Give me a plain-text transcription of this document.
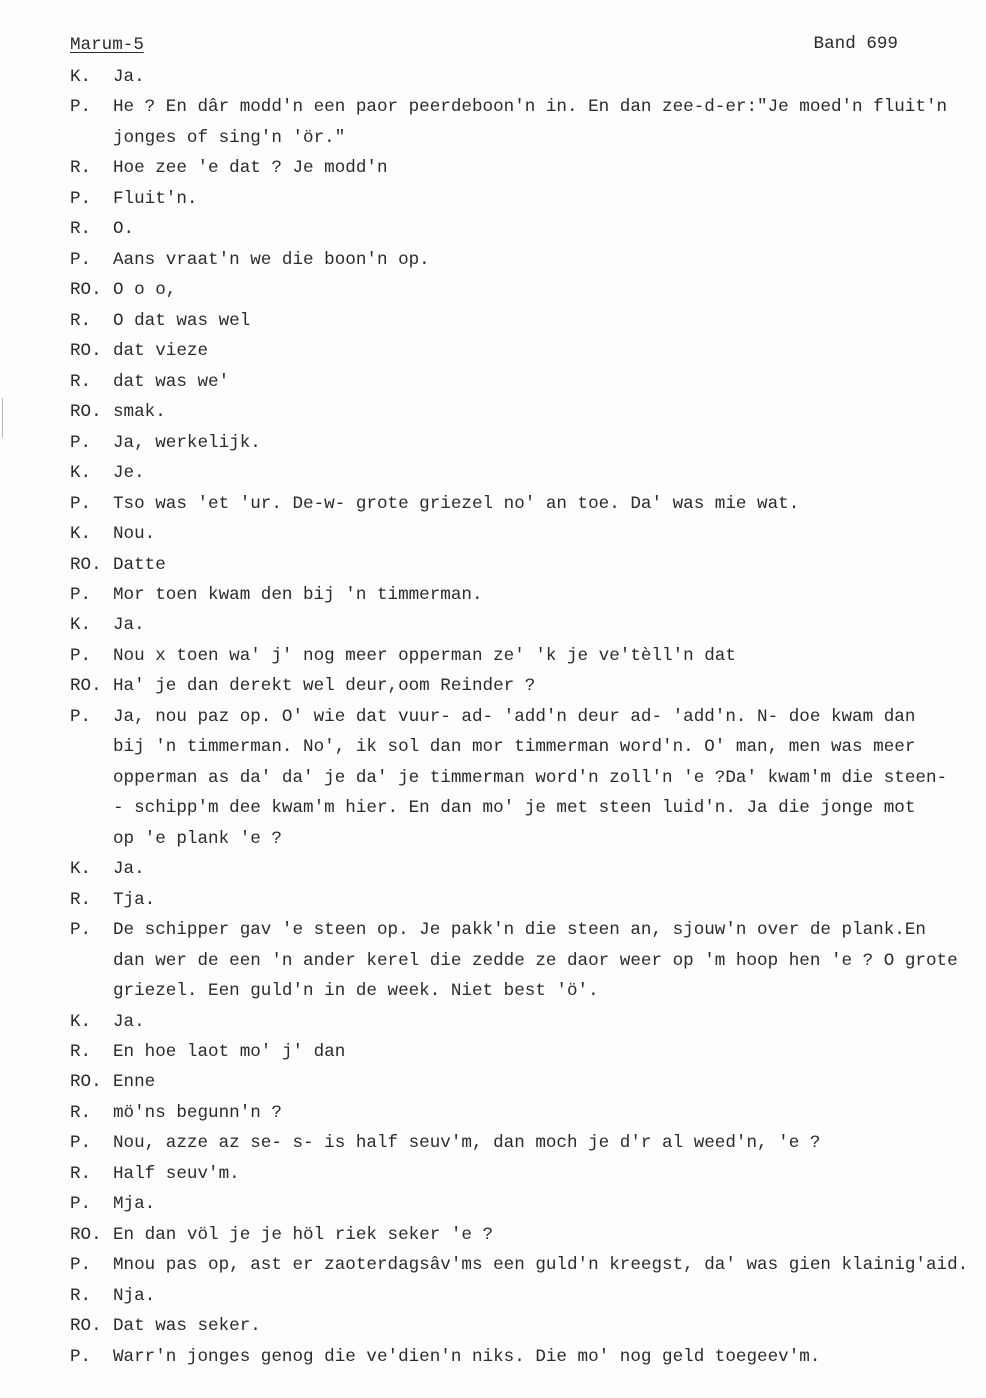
Marum-5	Band 699
K.	Ja.
P.	He ? En dâr modd'n een paor peerdeboon'n in. En dan zee-d-er:"Je moed'n fluit'n
jonges of sing'n 'ör."
R.	Hoe zee 'e dat ? Je modd'n
P.	Fluit'n.
R.	O.
P.	Aans vraat'n we die boon'n op.
RO. O o o,
R.	O dat was wel
RO. dat vieze
R.	dat was we'
RO. smak.
P.	Ja, werkelijk.
K.	Je.
P.	Tso was 'et 'ur. De-w- grote griezel no' an toe. Da' was mie wat.
K.	Nou.
RO. Datte
P.	Mor toen kwam den bij 'n timmerman.
K.	Ja.
P.	Nou x toen wa' j' nog meer opperman ze' 'k je ve'tèll'n dat
RO. Ha' je dan derekt wel deur,oom Reinder ?
P.	Ja, nou paz op. O' wie dat vuur- ad- 'add'n deur ad- 'add'n. N- doe kwam dan
bij 'n timmerman. No', ik sol dan mor timmerman word'n. O' man, men was meer
opperman as da' da' je da' je timmerman word'n zoll'n 'e ?Da' kwam'm die steen-
- schipp'm dee kwam'm hier. En dan mo' je met steen luid'n. Ja die jonge mot
op 'e plank 'e ?
K.	Ja.
R.	Tja.
P.	De schipper gav 'e steen op. Je pakk'n die steen an, sjouw'n over de plank.En
dan wer de een 'n ander kerel die zedde ze daor weer op 'm hoop hen 'e ? O grote
griezel. Een guld'n in de week. Niet best 'ö'.
K.	Ja.
R.	En hoe laot mo' j' dan
RO. Enne
R.	mö'ns begunn'n ?
P.	Nou, azze az se- s- is half seuv'm, dan moch je d'r al weed'n, 'e ?
R.	Half seuv'm.
P.	Mja.
RO. En dan völ je je höl riek seker 'e ?
P.	Mnou pas op, ast er zaoterdagsâv'ms een guld'n kreegst, da' was gien klainig'aid.
R.	Nja.
RO. Dat was seker.
P.	Warr'n jonges genog die ve'dien'n niks. Die mo' nog geld toegeev'm.
